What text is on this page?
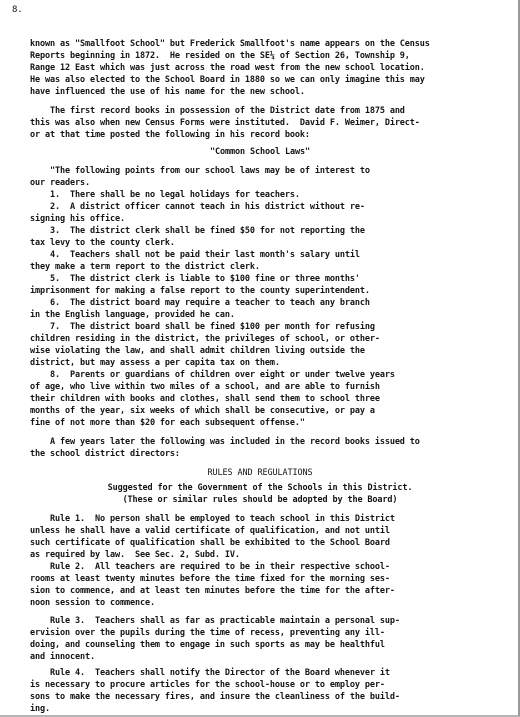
8.
known as "Smallfoot School" but Frederick Smallfoot's name appears on the Census
Reports beginning in 1872.  He resided on the SE¼ of Section 26, Township 9,
Range 12 East which was just across the road west from the new school location.
He was also elected to the School Board in 1880 so we can only imagine this may
have influenced the use of his name for the new school.
The first record books in possession of the District date from 1875 and
this was also when new Census Forms were instituted.  David F. Weimer, Direct-
or at that time posted the following in his record book:
"Common School Laws"
"The following points from our school laws may be of interest to
our readers.
1.  There shall be no legal holidays for teachers.
2.  A district officer cannot teach in his district without re-
signing his office.
3.  The district clerk shall be fined $50 for not reporting the
tax levy to the county clerk.
4.  Teachers shall not be paid their last month's salary until
they make a term report to the district clerk.
5.  The district clerk is liable to $100 fine or three months'
imprisonment for making a false report to the county superintendent.
6.  The district board may require a teacher to teach any branch
in the English language, provided he can.
7.  The district board shall be fined $100 per month for refusing
children residing in the district, the privileges of school, or other-
wise violating the law, and shall admit children living outside the
district, but may assess a per capita tax on them.
8.  Parents or guardians of children over eight or under twelve years
of age, who live within two miles of a school, and are able to furnish
their children with books and clothes, shall send them to school three
months of the year, six weeks of which shall be consecutive, or pay a
fine of not more than $20 for each subsequent offense."
A few years later the following was included in the record books issued to
the school district directors:
RULES AND REGULATIONS
Suggested for the Government of the Schools in this District.
(These or similar rules should be adopted by the Board)
Rule 1.  No person shall be employed to teach school in this District
unless he shall have a valid certificate of qualification, and not until
such certificate of qualification shall be exhibited to the School Board
as required by law.  See Sec. 2, Subd. IV.
Rule 2.  All teachers are required to be in their respective school-
rooms at least twenty minutes before the time fixed for the morning ses-
sion to commence, and at least ten minutes before the time for the after-
noon session to commence.
Rule 3.  Teachers shall as far as practicable maintain a personal sup-
ervision over the pupils during the time of recess, preventing any ill-
doing, and counseling them to engage in such sports as may be healthful
and innocent.
Rule 4.  Teachers shall notify the Director of the Board whenever it
is necessary to procure articles for the school-house or to employ per-
sons to make the necessary fires, and insure the cleanliness of the build-
ing.
